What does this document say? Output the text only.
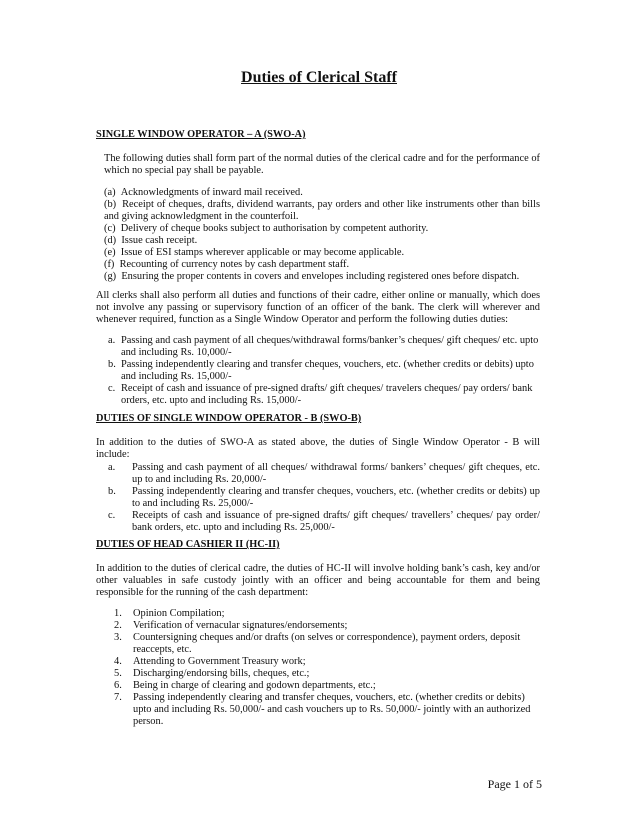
Duties of Clerical Staff
SINGLE WINDOW OPERATOR – A (SWO-A)
The following duties shall form part of the normal duties of the clerical cadre and for the performance of which no special pay shall be payable.
(a) Acknowledgments of inward mail received.
(b) Receipt of cheques, drafts, dividend warrants, pay orders and other like instruments other than bills and giving acknowledgment in the counterfoil.
(c) Delivery of cheque books subject to authorisation by competent authority.
(d) Issue cash receipt.
(e) Issue of ESI stamps wherever applicable or may become applicable.
(f) Recounting of currency notes by cash department staff.
(g) Ensuring the proper contents in covers and envelopes including registered ones before dispatch.
All clerks shall also perform all duties and functions of their cadre, either online or manually, which does not involve any passing or supervisory function of an officer of the bank. The clerk will wherever and whenever required, function as a Single Window Operator and perform the following duties duties:
a. Passing and cash payment of all cheques/withdrawal forms/banker’s cheques/ gift cheques/ etc. upto and including Rs. 10,000/-
b. Passing independently clearing and transfer cheques, vouchers, etc. (whether credits or debits) upto and including Rs. 15,000/-
c. Receipt of cash and issuance of pre-signed drafts/ gift cheques/ travelers cheques/ pay orders/ bank orders, etc. upto and including Rs. 15,000/-
DUTIES OF SINGLE WINDOW OPERATOR - B (SWO-B)
In addition to the duties of SWO-A as stated above, the duties of Single Window Operator - B will include:
a.	Passing and cash payment of all cheques/ withdrawal forms/ bankers’ cheques/ gift cheques, etc. up to and including Rs. 20,000/-
b.	Passing independently clearing and transfer cheques, vouchers, etc. (whether credits or debits) up to and including Rs. 25,000/-
c.	Receipts of cash and issuance of pre-signed drafts/ gift cheques/ travellers’ cheques/ pay order/ bank orders, etc. upto and including Rs. 25,000/-
DUTIES OF HEAD CASHIER II (HC-II)
In addition to the duties of clerical cadre, the duties of HC-II will involve holding bank’s cash, key and/or other valuables in safe custody jointly with an officer and being accountable for them and being responsible for the running of the cash department:
1.	Opinion Compilation;
2.	Verification of vernacular signatures/endorsements;
3.	Countersigning cheques and/or drafts (on selves or correspondence), payment orders, deposit reaccepts, etc.
4.	Attending to Government Treasury work;
5.	Discharging/endorsing bills, cheques, etc.;
6.	Being in charge of clearing and godown departments, etc.;
7.	Passing independently clearing and transfer cheques, vouchers, etc. (whether credits or debits) upto and including Rs. 50,000/- and cash vouchers up to Rs. 50,000/- jointly with an authorized person.
Page 1 of 5
